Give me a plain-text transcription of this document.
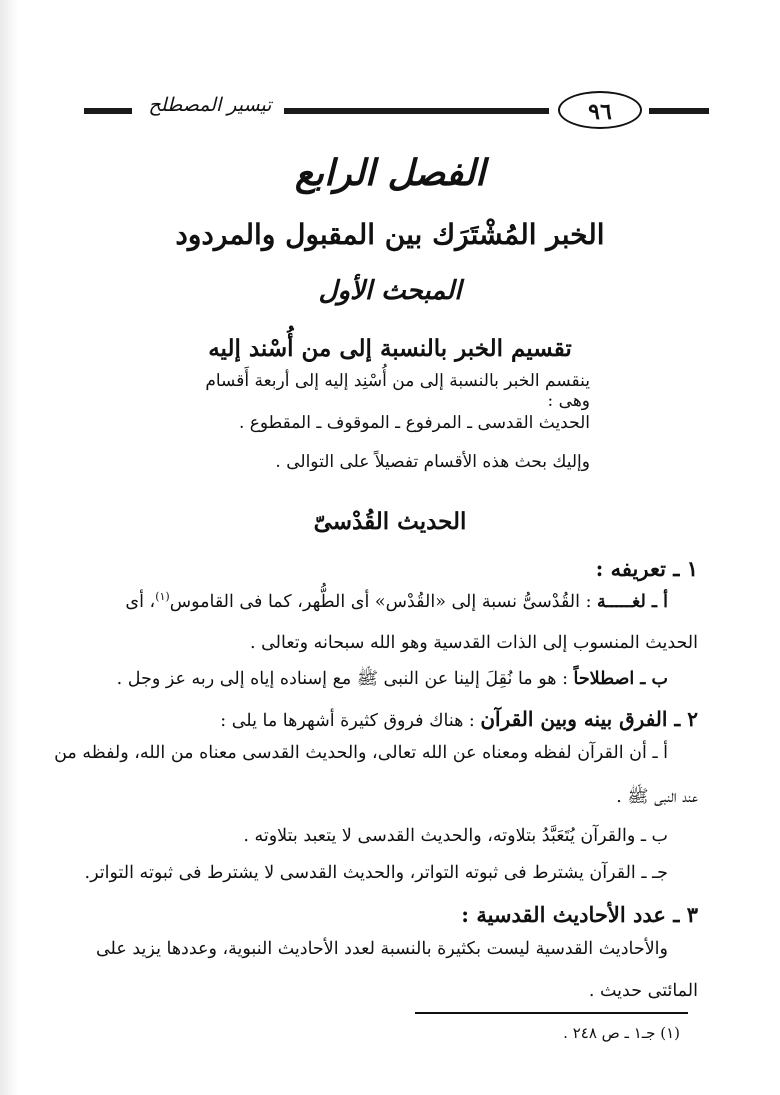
تيسير المصطلح	٩٦
الفصل الرابع
الخبر المُشْتَرَك بين المقبول والمردود
المبحث الأول
تقسيم الخبر بالنسبة إلى من أُسْند إليه
ينقسم الخبر بالنسبة إلى من أُسْنِد إليه إلى أربعة أَقسام وهى :
الحديث القدسى ـ المرفوع ـ الموقوف ـ المقطوع .
وإليك بحث هذه الأقسام تفصيلاً على التوالى .
الحديث القُدْسىّ
١ ـ تعريفه :
أ ـ لغـــــة : القُدْسىُّ نسبة إلى «القُدْس» أى الطُّهر، كما فى القاموس$^{(١)}$، أى
الحديث المنسوب إلى الذات القدسية وهو الله سبحانه وتعالى .
ب ـ اصطلاحاً : هو ما نُقِلَ إلينا عن النبى ﷺ مع إسناده إياه إلى ربه عز وجل .
٢ ـ الفرق بينه وبين القرآن : هناك فروق كثيرة أشهرها ما يلى :
أ ـ أن القرآن لفظه ومعناه عن الله تعالى، والحديث القدسى معناه من الله، ولفظه من
عند النبى ﷺ .
ب ـ والقرآن يُتَعَبَّدُ بتلاوته، والحديث القدسى لا يتعبد بتلاوته .
جـ ـ القرآن يشترط فى ثبوته التواتر، والحديث القدسى لا يشترط فى ثبوته التواتر.
٣ ـ عدد الأحاديث القدسية :
والأحاديث القدسية ليست بكثيرة بالنسبة لعدد الأحاديث النبوية، وعددها يزيد على
المائتى حديث .
(١) جـ١ ـ ص ٢٤٨ .
